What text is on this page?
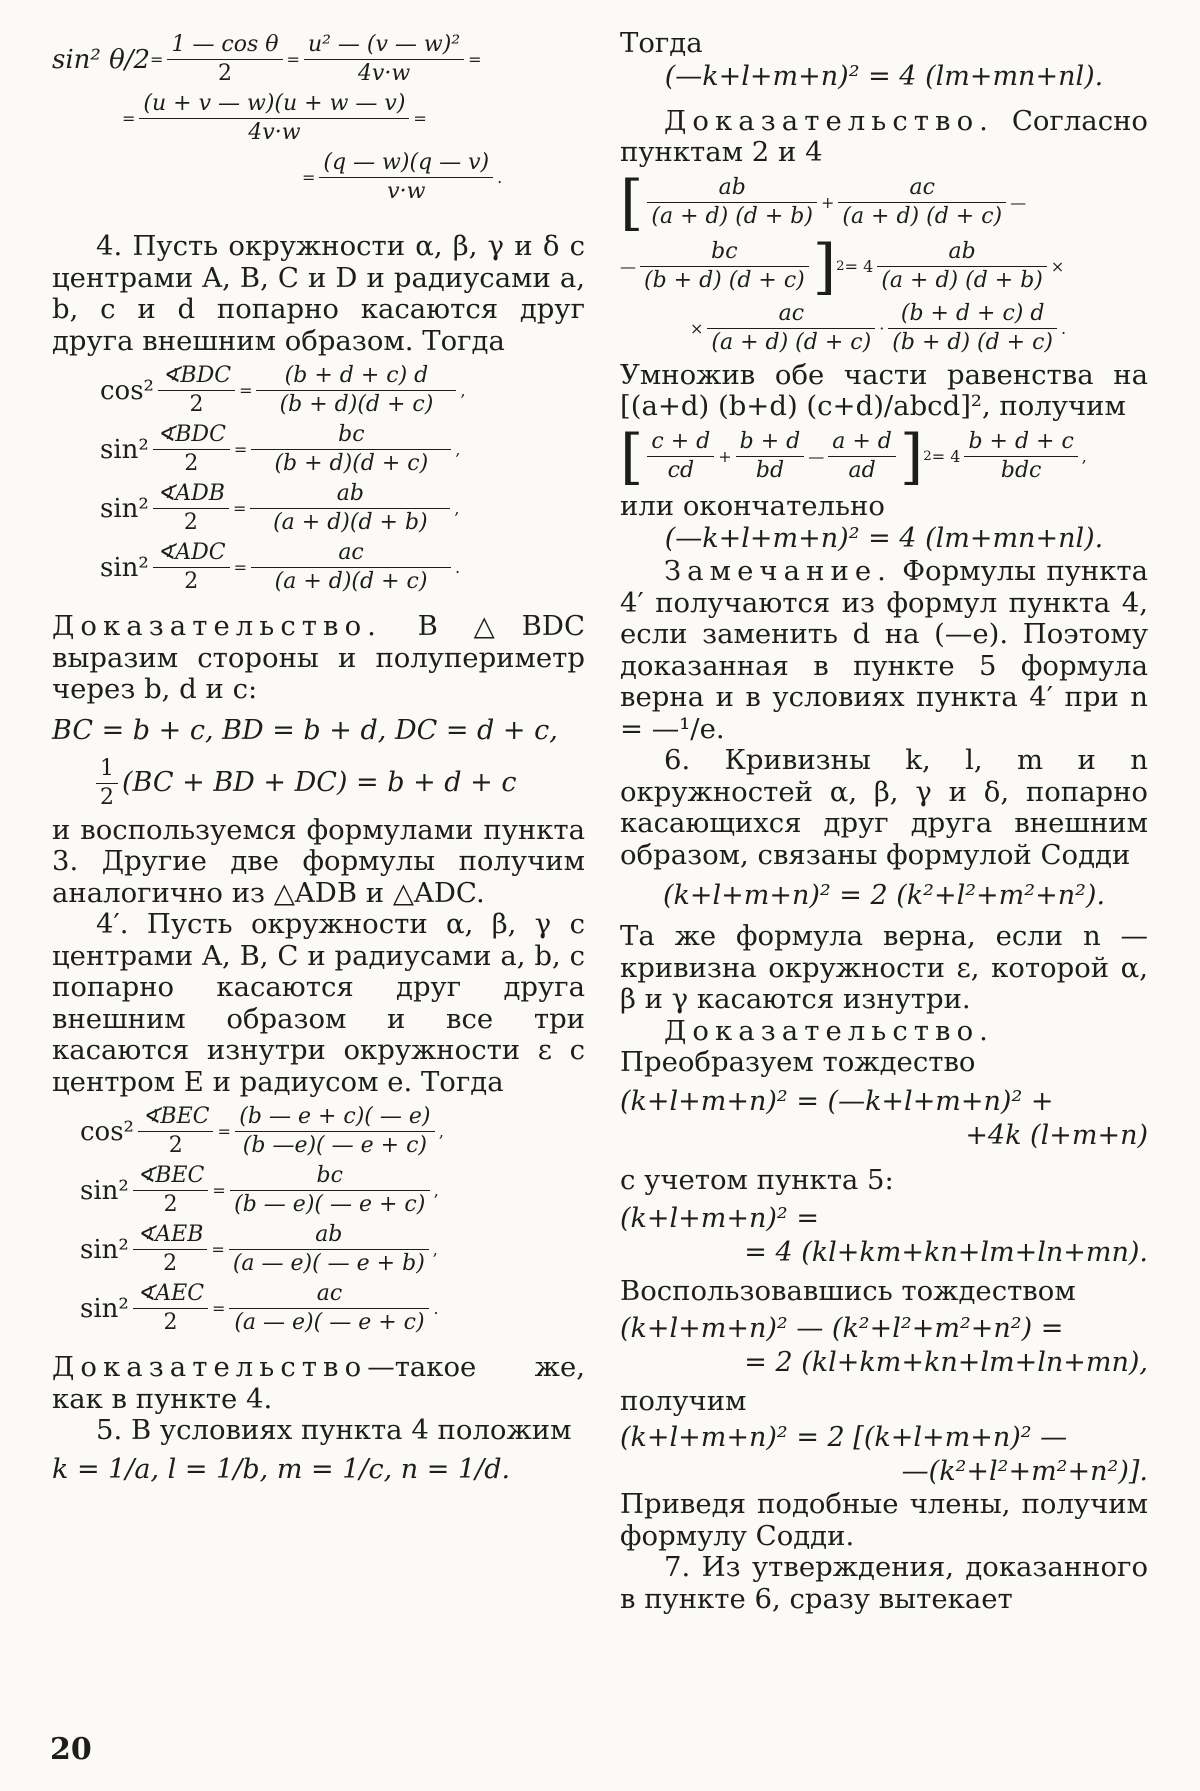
sin² $\theta/2 = \frac{\text{1 — cos θ}}{2} = \frac{\text{u² — (v — w)²}}{4v\cdot w}$ =
= $\frac{(u + v — w)(u + w — v)}{4v\cdot w}$ =
= $\frac{(q — w)(q — v)}{v\cdot w}$ .

4. Пусть окружности α, β, γ и δ с центрами A, B, C и D и радиусами a, b, c и d попарно касаются друг друга внешним образом. Тогда

$\cos^2 \frac{\text{∢BDC}}{2} = \frac{(b + d + c) d}{(b + d)(d + c)}$ ,
$\sin^2 \frac{\text{∢BDC}}{2} = \frac{bc}{(b + d)(d + c)}$ ,
$\sin^2 \frac{\text{∢ADB}}{2} = \frac{ab}{(a + d)(d + b)}$ ,
$\sin^2 \frac{\text{∢ADC}}{2} = \frac{ac}{(a + d)(d + c)}$ .

Доказательство. В △BDC выразим стороны и полупериметр через b, d и c:

BC = b + c, BD = b + d, DC = d + c,
$\frac{1}{2} (BC$ + BD + DC) = b + d + c

и воспользуемся формулами пункта 3. Другие две формулы получим аналогично из △ADB и △ADC.

4′. Пусть окружности α, β, γ с центрами A, B, C и радиусами a, b, c попарно касаются друг друга внешним образом и все три касаются изнутри окружности ε с центром E и радиусом e. Тогда

$\cos^2 \frac{\text{∢BEC}}{2} = \frac{(b — e + c)( — e)}{(b —e)( — e + c)}$ ,
$\sin^2 \frac{\text{∢BEC}}{2} = \frac{bc}{(b — e)( — e + c)}$ ,
$\sin^2 \frac{\text{∢AEB}}{2} = \frac{ab}{(a — e)( — e + b)}$ ,
$\sin^2 \frac{\text{∢AEC}}{2} = \frac{ac}{(a — e)( — e + c)}$ .

Доказательство—такое же, как в пункте 4.

5. В условиях пункта 4 положим

k = 1/a, l = 1/b, m = 1/c, n = 1/d.

Тогда

(—k+l+m+n)² = 4 (lm+mn+nl).

Доказательство. Согласно пунктам 2 и 4

[ $\frac{ab}{(a + d) (d + b)} + \frac{ac}{(a + d) (d + c)}$ —
— $\frac{bc}{(b + d) (d + c)}$ ] $2 = 4 \frac{ab}{(a + d) (d + b)}$ ×
× $\frac{ac}{(a + d) (d + c)} \cdot \frac{(b + d + c) d}{(b + d) (d + c)}$ .

Умножив обе части равенства на [(a+d) (b+d) (c+d)/abcd]², получим

[ $\frac{c + d}{cd} + \frac{b + d}{bd}$ — $\frac{a + d}{ad}$ ] $2 = 4 \frac{b + d + c}{\text{bdc}}$ ,

или окончательно

(—k+l+m+n)² = 4 (lm+mn+nl).

Замечание. Формулы пункта 4′ получаются из формул пункта 4, если заменить d на (—e). Поэтому доказанная в пункте 5 формула верна и в условиях пункта 4′ при n = —¹/e.

6. Кривизны k, l, m и n окружностей α, β, γ и δ, попарно касающихся друг друга внешним образом, связаны формулой Содди

(k+l+m+n)² = 2 (k²+l²+m²+n²).

Та же формула верна, если n — кривизна окружности ε, которой α, β и γ касаются изнутри.

Доказательство. Преобразуем тождество

(k+l+m+n)² = (—k+l+m+n)² +
+4k (l+m+n)

с учетом пункта 5:

(k+l+m+n)² =
= 4 (kl+km+kn+lm+ln+mn).

Воспользовавшись тождеством

(k+l+m+n)² — (k²+l²+m²+n²) =
= 2 (kl+km+kn+lm+ln+mn),

получим

(k+l+m+n)² = 2 [(k+l+m+n)² —
—(k²+l²+m²+n²)].

Приведя подобные члены, получим формулу Содди.

7. Из утверждения, доказанного в пункте 6, сразу вытекает

20
